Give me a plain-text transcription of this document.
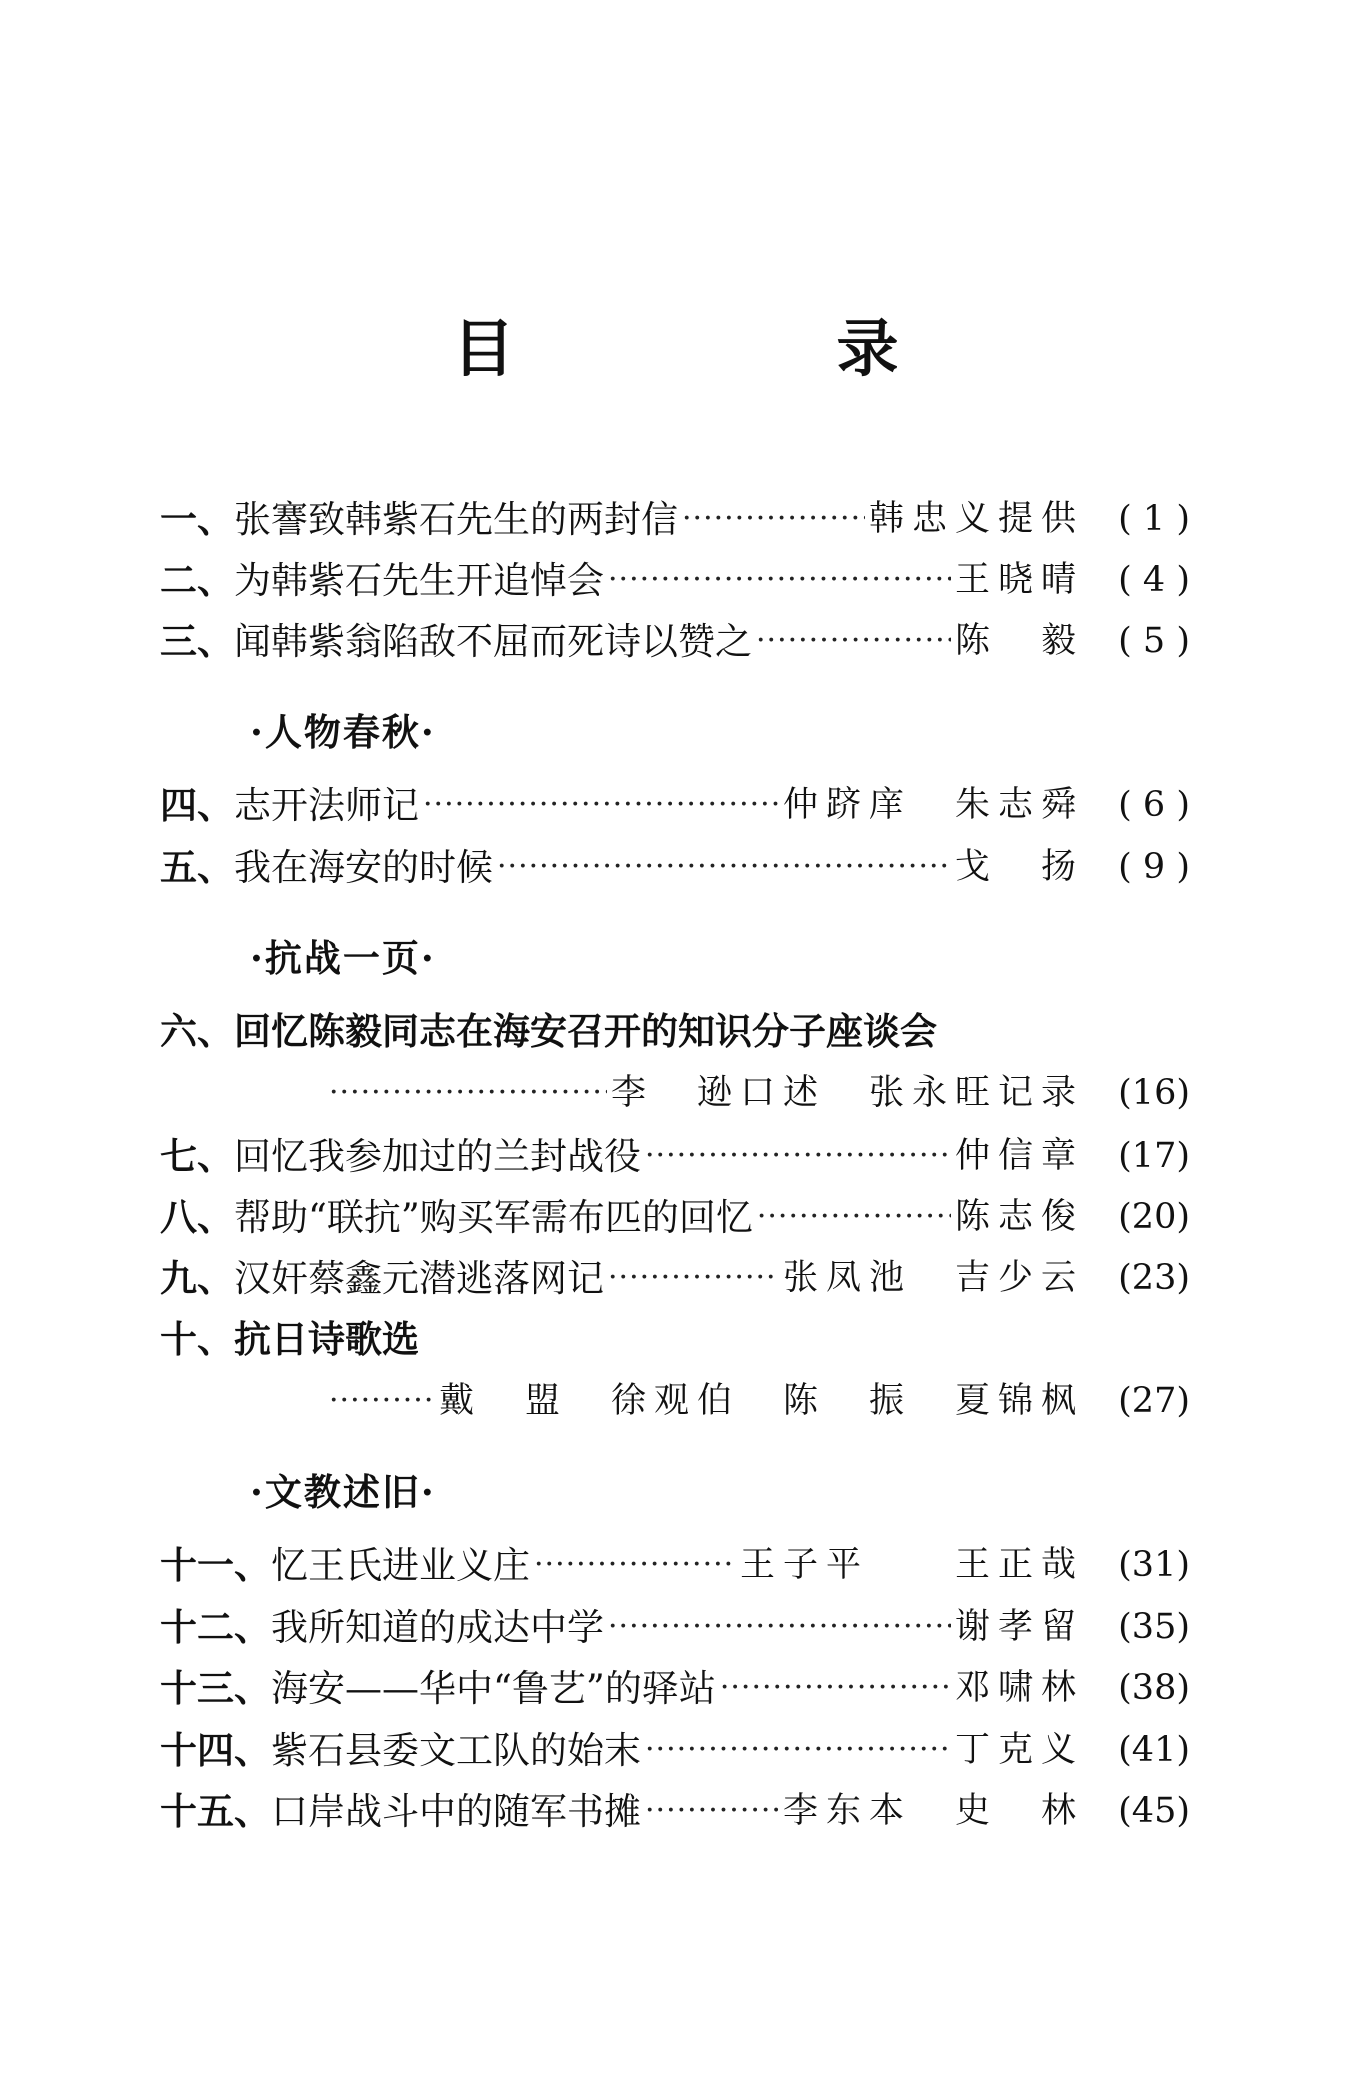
目　录
一、 张謇致韩紫石先生的两封信 ·····	韩忠义提供 ( 1 )
二、 为韩紫石先生开追悼会 ·····	王晓晴 ( 4 )
三、 闻韩紫翁陷敌不屈而死诗以赞之 ·····	陈　毅 ( 5 )
·人物春秋·
四、 志开法师记 ·····	仲跻庠　朱志舜 ( 6 )
五、 我在海安的时候 ·····	戈　扬 ( 9 )
·抗战一页·
六、 回忆陈毅同志在海安召开的知识分子座谈会
·····
李　逊口述　张永旺记录 (16)
七、 回忆我参加过的兰封战役 ·····	仲信章 (17)
八、 帮助“联抗”购买军需布匹的回忆 ·····	陈志俊 (20)
九、 汉奸蔡鑫元潜逃落网记 ·····	张凤池　吉少云 (23)
十、 抗日诗歌选
·····
戴　盟　徐观伯　陈　振　夏锦枫 (27)
·文教述旧·
十一、 忆王氏进业义庄 ·····	王子平　　王正哉 (31)
十二、 我所知道的成达中学 ·····	谢孝留 (35)
十三、 海安——华中“鲁艺”的驿站 ·····	邓啸林 (38)
十四、 紫石县委文工队的始末 ·····	丁克义 (41)
十五、 口岸战斗中的随军书摊 ·····	李东本　史　林 (45)
